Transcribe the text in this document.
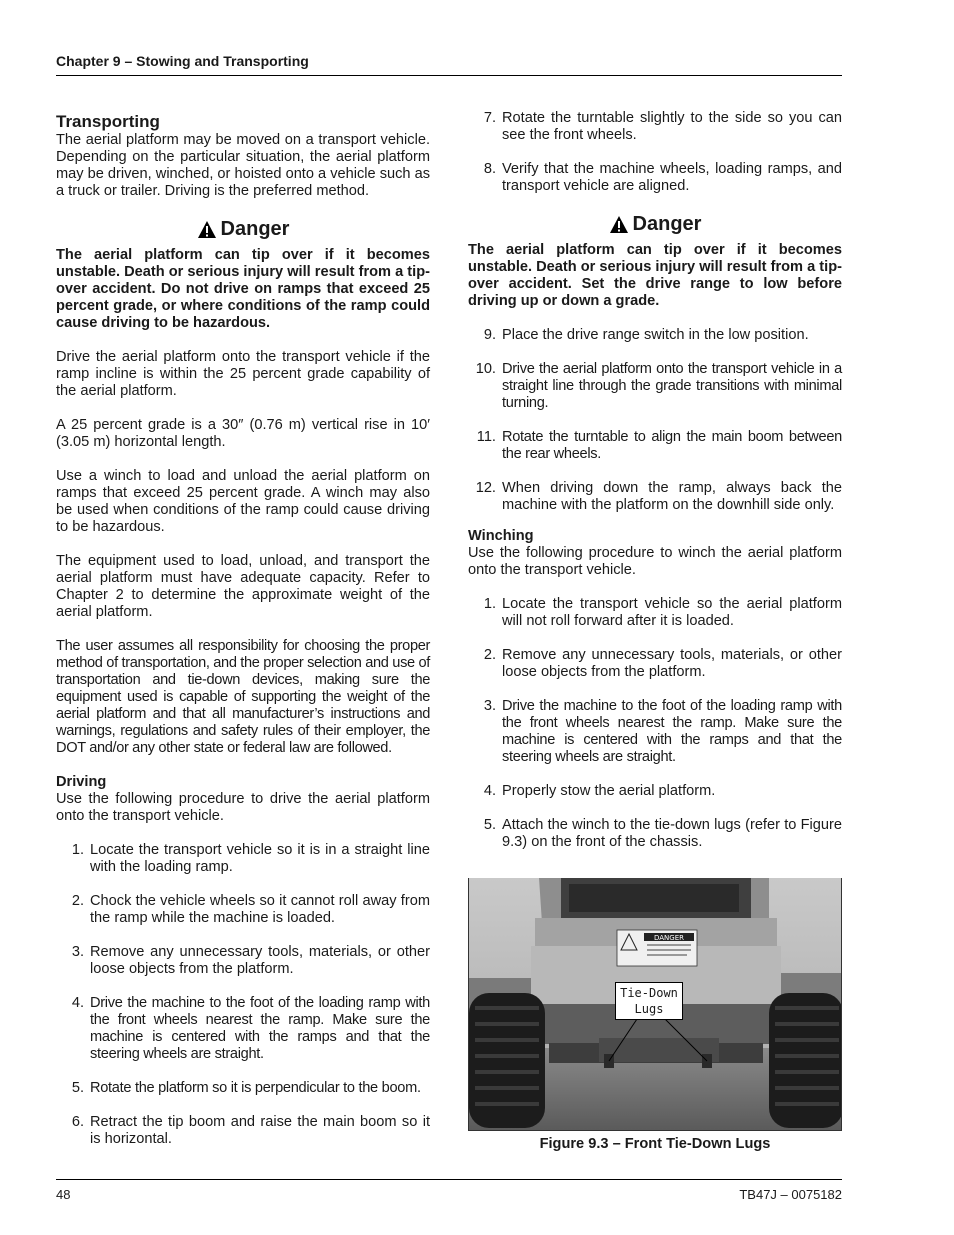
Chapter 9 – Stowing and Transporting
Transporting

The aerial platform may be moved on a transport vehicle. Depending on the particular situation, the aerial platform may be driven, winched, or hoisted onto a vehicle such as a truck or trailer. Driving is the preferred method.

Danger

The aerial platform can tip over if it becomes unstable. Death or serious injury will result from a tip-over accident. Do not drive on ramps that exceed 25 percent grade, or where conditions of the ramp could cause driving to be hazardous.

Drive the aerial platform onto the transport vehicle if the ramp incline is within the 25 percent grade capability of the aerial platform.

A 25 percent grade is a 30″ (0.76 m) vertical rise in 10′ (3.05 m) horizontal length.

Use a winch to load and unload the aerial platform on ramps that exceed 25 percent grade. A winch may also be used when conditions of the ramp could cause driving to be hazardous.

The equipment used to load, unload, and transport the aerial platform must have adequate capacity. Refer to Chapter 2 to determine the approximate weight of the aerial platform.

The user assumes all responsibility for choosing the proper method of transportation, and the proper selection and use of transportation and tie-down devices, making sure the equipment used is capable of supporting the weight of the aerial platform and that all manufacturer’s instructions and warnings, regulations and safety rules of their employer, the DOT and/or any other state or federal law are followed.

Driving

Use the following procedure to drive the aerial platform onto the transport vehicle.

1. Locate the transport vehicle so it is in a straight line with the loading ramp.
2. Chock the vehicle wheels so it cannot roll away from the ramp while the machine is loaded.
3. Remove any unnecessary tools, materials, or other loose objects from the platform.
4. Drive the machine to the foot of the loading ramp with the front wheels nearest the ramp. Make sure the machine is centered with the ramps and that the steering wheels are straight.
5. Rotate the platform so it is perpendicular to the boom.
6. Retract the tip boom and raise the main boom so it is horizontal.
7. Rotate the turntable slightly to the side so you can see the front wheels.
8. Verify that the machine wheels, loading ramps, and transport vehicle are aligned.
Danger

The aerial platform can tip over if it becomes unstable. Death or serious injury will result from a tip-over accident. Set the drive range to low before driving up or down a grade.

9. Place the drive range switch in the low position.
10. Drive the aerial platform onto the transport vehicle in a straight line through the grade transitions with minimal turning.
11. Rotate the turntable to align the main boom between the rear wheels.
12. When driving down the ramp, always back the machine with the platform on the downhill side only.

Winching

Use the following procedure to winch the aerial platform onto the transport vehicle.

1. Locate the transport vehicle so the aerial platform will not roll forward after it is loaded.
2. Remove any unnecessary tools, materials, or other loose objects from the platform.
3. Drive the machine to the foot of the loading ramp with the front wheels nearest the ramp. Make sure the machine is centered with the ramps and that the steering wheels are straight.
4. Properly stow the aerial platform.
5. Attach the winch to the tie-down lugs (refer to Figure 9.3) on the front of the chassis.
DANGER
Tie-Down
Lugs
Figure 9.3 – Front Tie-Down Lugs
48	TB47J – 0075182
